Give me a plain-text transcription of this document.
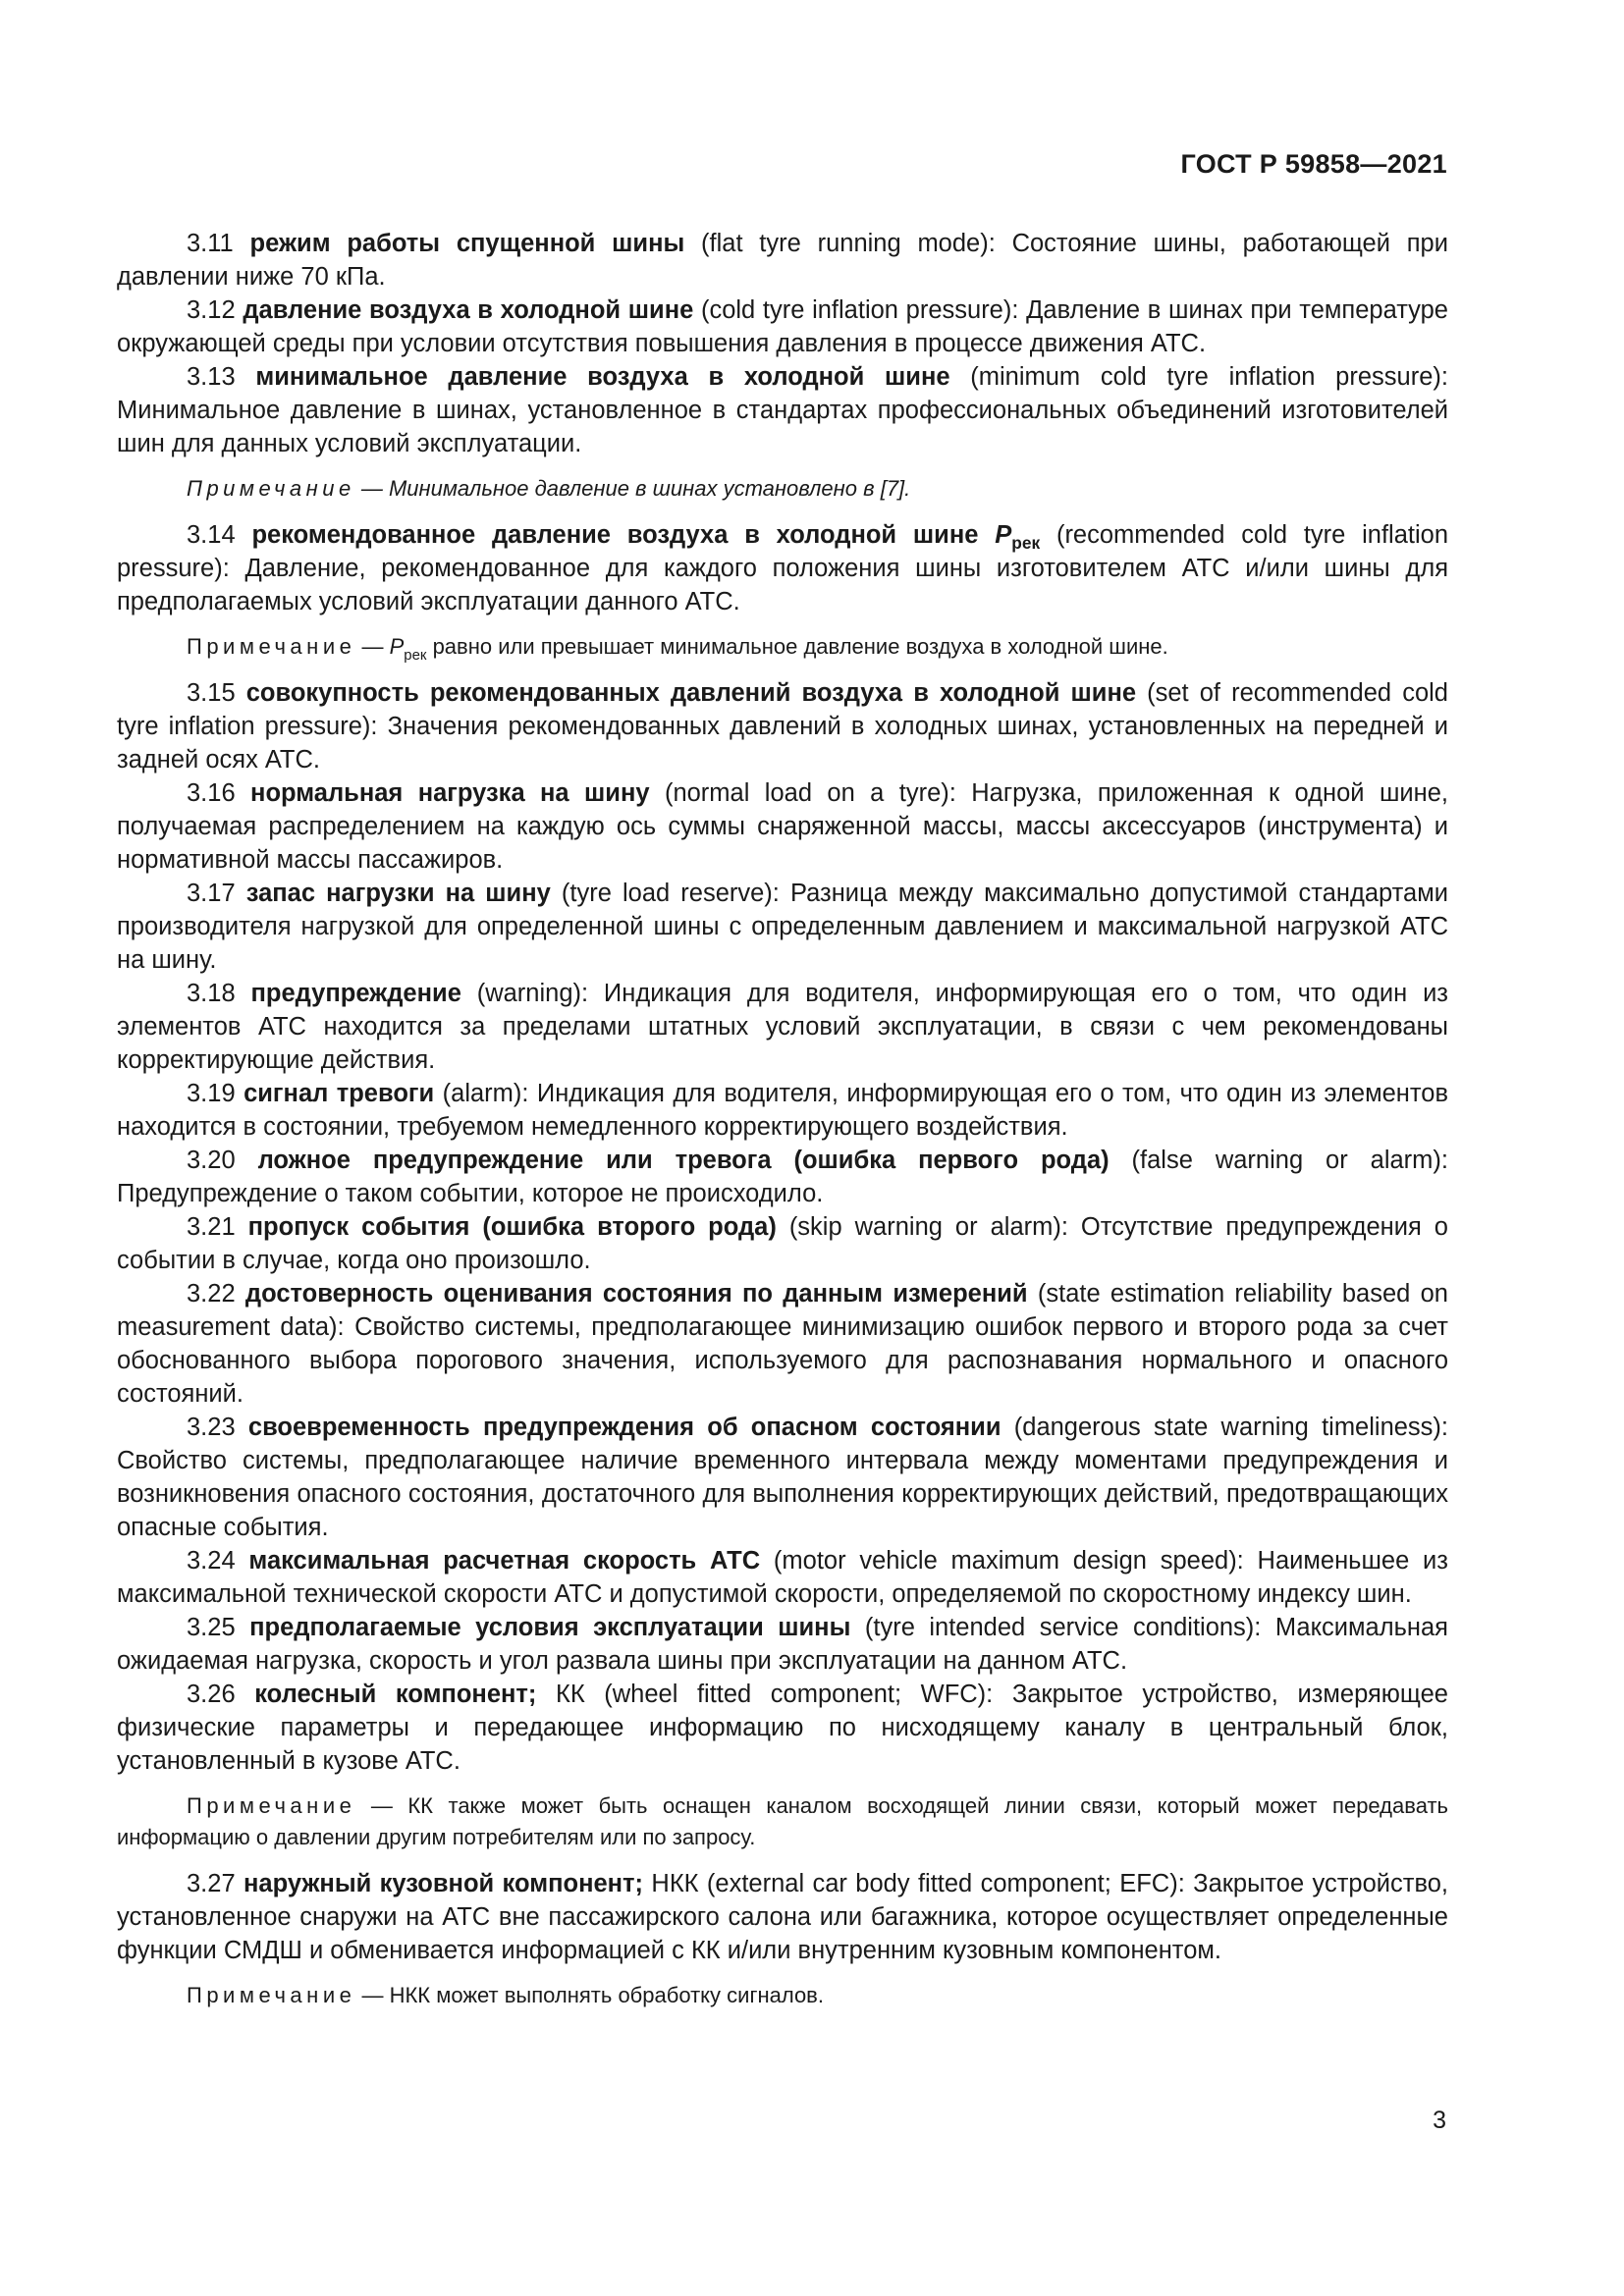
ГОСТ Р 59858—2021

3.11 режим работы спущенной шины (flat tyre running mode): Состояние шины, работающей при давлении ниже 70 кПа.

3.12 давление воздуха в холодной шине (cold tyre inflation pressure): Давление в шинах при температуре окружающей среды при условии отсутствия повышения давления в процессе движения АТС.

3.13 минимальное давление воздуха в холодной шине (minimum cold tyre inflation pressure): Минимальное давление в шинах, установленное в стандартах профессиональных объединений изготовителей шин для данных условий эксплуатации.

Примечание — Минимальное давление в шинах установлено в [7].

3.14 рекомендованное давление воздуха в холодной шине $P_{рек}$ (recommended cold tyre inflation pressure): Давление, рекомендованное для каждого положения шины изготовителем АТС и/или шины для предполагаемых условий эксплуатации данного АТС.

Примечание — $P_{рек}$ равно или превышает минимальное давление воздуха в холодной шине.

3.15 совокупность рекомендованных давлений воздуха в холодной шине (set of recommended cold tyre inflation pressure): Значения рекомендованных давлений в холодных шинах, установленных на передней и задней осях АТС.

3.16 нормальная нагрузка на шину (normal load on a tyre): Нагрузка, приложенная к одной шине, получаемая распределением на каждую ось суммы снаряженной массы, массы аксессуаров (инструмента) и нормативной массы пассажиров.

3.17 запас нагрузки на шину (tyre load reserve): Разница между максимально допустимой стандартами производителя нагрузкой для определенной шины с определенным давлением и максимальной нагрузкой АТС на шину.

3.18 предупреждение (warning): Индикация для водителя, информирующая его о том, что один из элементов АТС находится за пределами штатных условий эксплуатации, в связи с чем рекомендованы корректирующие действия.

3.19 сигнал тревоги (alarm): Индикация для водителя, информирующая его о том, что один из элементов находится в состоянии, требуемом немедленного корректирующего воздействия.

3.20 ложное предупреждение или тревога (ошибка первого рода) (false warning or alarm): Предупреждение о таком событии, которое не происходило.

3.21 пропуск события (ошибка второго рода) (skip warning or alarm): Отсутствие предупреждения о событии в случае, когда оно произошло.

3.22 достоверность оценивания состояния по данным измерений (state estimation reliability based on measurement data): Свойство системы, предполагающее минимизацию ошибок первого и второго рода за счет обоснованного выбора порогового значения, используемого для распознавания нормального и опасного состояний.

3.23 своевременность предупреждения об опасном состоянии (dangerous state warning timeliness): Свойство системы, предполагающее наличие временного интервала между моментами предупреждения и возникновения опасного состояния, достаточного для выполнения корректирующих действий, предотвращающих опасные события.

3.24 максимальная расчетная скорость АТС (motor vehicle maximum design speed): Наименьшее из максимальной технической скорости АТС и допустимой скорости, определяемой по скоростному индексу шин.

3.25 предполагаемые условия эксплуатации шины (tyre intended service conditions): Максимальная ожидаемая нагрузка, скорость и угол развала шины при эксплуатации на данном АТС.

3.26 колесный компонент; КК (wheel fitted component; WFC): Закрытое устройство, измеряющее физические параметры и передающее информацию по нисходящему каналу в центральный блок, установленный в кузове АТС.

Примечание — КК также может быть оснащен каналом восходящей линии связи, который может передавать информацию о давлении другим потребителям или по запросу.

3.27 наружный кузовной компонент; НКК (external car body fitted component; EFC): Закрытое устройство, установленное снаружи на АТС вне пассажирского салона или багажника, которое осуществляет определенные функции СМДШ и обменивается информацией с КК и/или внутренним кузовным компонентом.

Примечание — НКК может выполнять обработку сигналов.

3
